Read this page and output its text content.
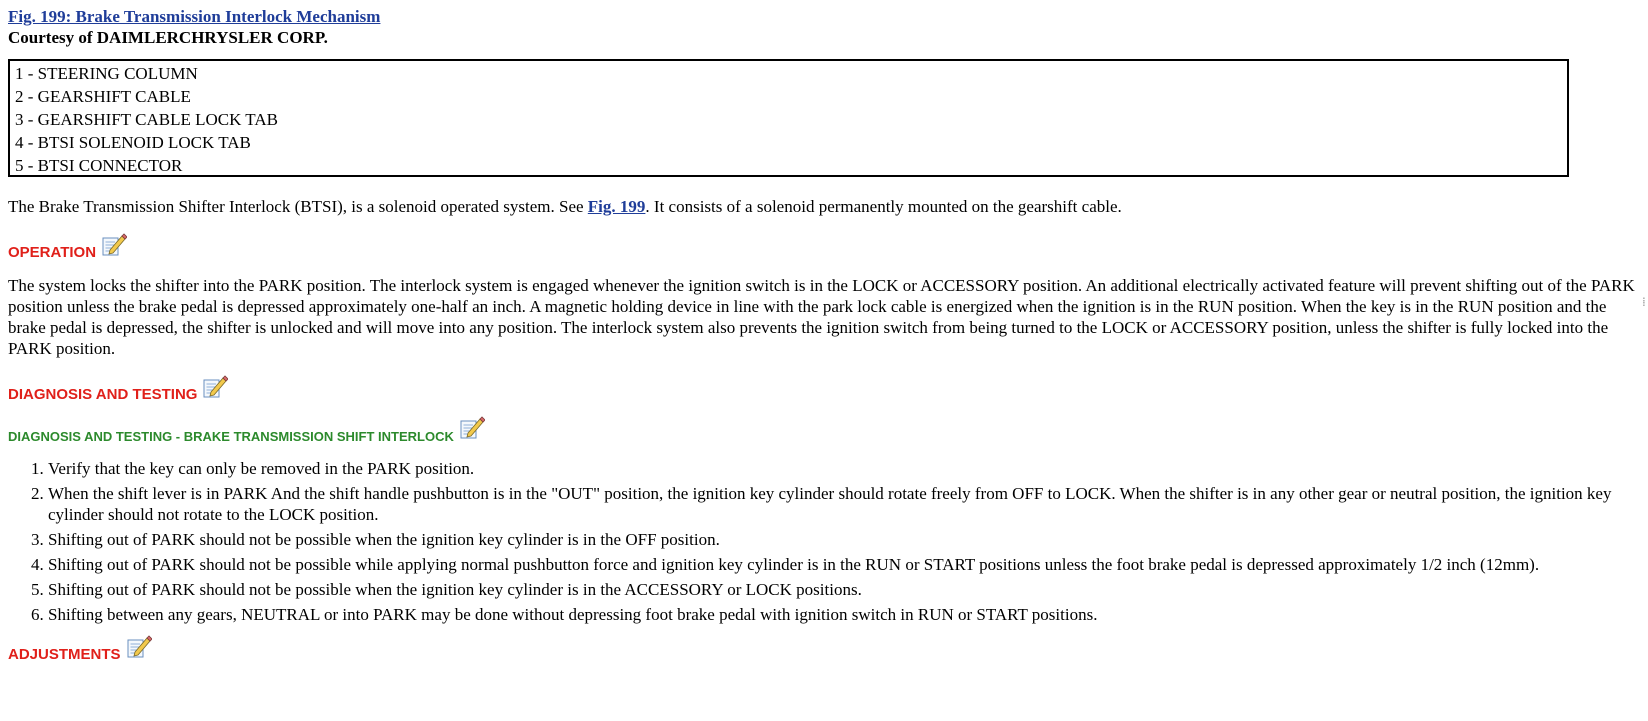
Fig. 199: Brake Transmission Interlock Mechanism
Courtesy of DAIMLERCHRYSLER CORP.
1 - STEERING COLUMN
2 - GEARSHIFT CABLE
3 - GEARSHIFT CABLE LOCK TAB
4 - BTSI SOLENOID LOCK TAB
5 - BTSI CONNECTOR

The Brake Transmission Shifter Interlock (BTSI), is a solenoid operated system. See Fig. 199. It consists of a solenoid permanently mounted on the gearshift cable.

OPERATION

The system locks the shifter into the PARK position. The interlock system is engaged whenever the ignition switch is in the LOCK or ACCESSORY position. An additional electrically activated feature will prevent shifting out of the PARK position unless the brake pedal is depressed approximately one-half an inch. A magnetic holding device in line with the park lock cable is energized when the ignition is in the RUN position. When the key is in the RUN position and the brake pedal is depressed, the shifter is unlocked and will move into any position. The interlock system also prevents the ignition switch from being turned to the LOCK or ACCESSORY position, unless the shifter is fully locked into the PARK position.

DIAGNOSIS AND TESTING
DIAGNOSIS AND TESTING - BRAKE TRANSMISSION SHIFT INTERLOCK
1. Verify that the key can only be removed in the PARK position.
2. When the shift lever is in PARK And the shift handle pushbutton is in the "OUT" position, the ignition key cylinder should rotate freely from OFF to LOCK. When the shifter is in any other gear or neutral position, the ignition key cylinder should not rotate to the LOCK position.
3. Shifting out of PARK should not be possible when the ignition key cylinder is in the OFF position.
4. Shifting out of PARK should not be possible while applying normal pushbutton force and ignition key cylinder is in the RUN or START positions unless the foot brake pedal is depressed approximately 1/2 inch (12mm).
5. Shifting out of PARK should not be possible when the ignition key cylinder is in the ACCESSORY or LOCK positions.
6. Shifting between any gears, NEUTRAL or into PARK may be done without depressing foot brake pedal with ignition switch in RUN or START positions.
ADJUSTMENTS
⁞
